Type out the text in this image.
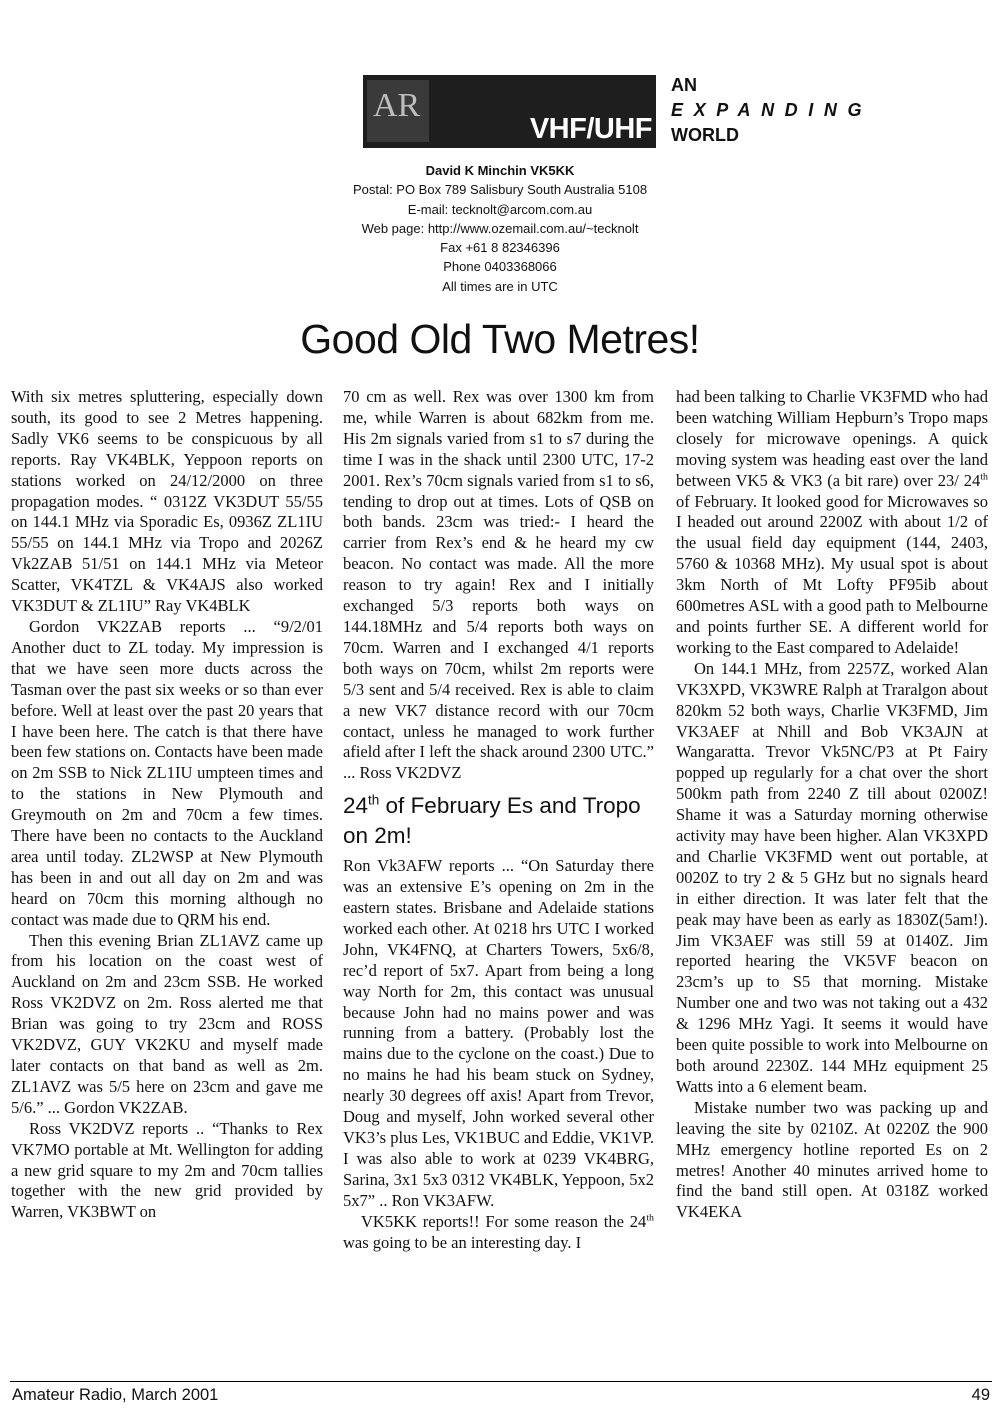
AR
VHF/UHF
AN
EXPANDING
WORLD
David K Minchin VK5KK
Postal: PO Box 789 Salisbury South Australia 5108
E-mail: tecknolt@arcom.com.au
Web page: http://www.ozemail.com.au/~tecknolt
Fax +61 8 82346396
Phone 0403368066
All times are in UTC
Good Old Two Metres!

With six metres spluttering, especially down south, its good to see 2 Metres happening. Sadly VK6 seems to be conspicuous by all reports. Ray VK4BLK, Yeppoon reports on stations worked on 24/12/2000 on three propagation modes. “ 0312Z VK3DUT 55/55 on 144.1 MHz via Sporadic Es, 0936Z ZL1IU 55/55 on 144.1 MHz via Tropo and 2026Z Vk2ZAB 51/51 on 144.1 MHz via Meteor Scatter, VK4TZL & VK4AJS also worked VK3DUT & ZL1IU” Ray VK4BLK

Gordon VK2ZAB reports ... “9/2/01 Another duct to ZL today. My impression is that we have seen more ducts across the Tasman over the past six weeks or so than ever before. Well at least over the past 20 years that I have been here. The catch is that there have been few stations on. Contacts have been made on 2m SSB to Nick ZL1IU umpteen times and to the stations in New Plymouth and Greymouth on 2m and 70cm a few times. There have been no contacts to the Auckland area until today. ZL2WSP at New Plymouth has been in and out all day on 2m and was heard on 70cm this morning although no contact was made due to QRM his end.

Then this evening Brian ZL1AVZ came up from his location on the coast west of Auckland on 2m and 23cm SSB. He worked Ross VK2DVZ on 2m. Ross alerted me that Brian was going to try 23cm and ROSS VK2DVZ, GUY VK2KU and myself made later contacts on that band as well as 2m. ZL1AVZ was 5/5 here on 23cm and gave me 5/6.” ... Gordon VK2ZAB.

Ross VK2DVZ reports .. “Thanks to Rex VK7MO portable at Mt. Wellington for adding a new grid square to my 2m and 70cm tallies together with the new grid provided by Warren, VK3BWT on

70 cm as well. Rex was over 1300 km from me, while Warren is about 682km from me. His 2m signals varied from s1 to s7 during the time I was in the shack until 2300 UTC, 17-2 2001. Rex’s 70cm signals varied from s1 to s6, tending to drop out at times. Lots of QSB on both bands. 23cm was tried:- I heard the carrier from Rex’s end & he heard my cw beacon. No contact was made. All the more reason to try again! Rex and I initially exchanged 5/3 reports both ways on 144.18MHz and 5/4 reports both ways on 70cm. Warren and I exchanged 4/1 reports both ways on 70cm, whilst 2m reports were 5/3 sent and 5/4 received. Rex is able to claim a new VK7 distance record with our 70cm contact, unless he managed to work further afield after I left the shack around 2300 UTC.” ... Ross VK2DVZ

24th of February Es and Tropo on 2m!

Ron Vk3AFW reports ... “On Saturday there was an extensive E’s opening on 2m in the eastern states. Brisbane and Adelaide stations worked each other. At 0218 hrs UTC I worked John, VK4FNQ, at Charters Towers, 5x6/8, rec’d report of 5x7. Apart from being a long way North for 2m, this contact was unusual because John had no mains power and was running from a battery. (Probably lost the mains due to the cyclone on the coast.) Due to no mains he had his beam stuck on Sydney, nearly 30 degrees off axis! Apart from Trevor, Doug and myself, John worked several other VK3’s plus Les, VK1BUC and Eddie, VK1VP. I was also able to work at 0239 VK4BRG, Sarina, 3x1 5x3 0312 VK4BLK, Yeppoon, 5x2 5x7” .. Ron VK3AFW.

VK5KK reports!! For some reason the 24th was going to be an interesting day. I

had been talking to Charlie VK3FMD who had been watching William Hepburn’s Tropo maps closely for microwave openings. A quick moving system was heading east over the land between VK5 & VK3 (a bit rare) over 23/ 24th of February. It looked good for Microwaves so I headed out around 2200Z with about 1/2 of the usual field day equipment (144, 2403, 5760 & 10368 MHz). My usual spot is about 3km North of Mt Lofty PF95ib about 600metres ASL with a good path to Melbourne and points further SE. A different world for working to the East compared to Adelaide!

On 144.1 MHz, from 2257Z, worked Alan VK3XPD, VK3WRE Ralph at Traralgon about 820km 52 both ways, Charlie VK3FMD, Jim VK3AEF at Nhill and Bob VK3AJN at Wangaratta. Trevor Vk5NC/P3 at Pt Fairy popped up regularly for a chat over the short 500km path from 2240 Z till about 0200Z! Shame it was a Saturday morning otherwise activity may have been higher. Alan VK3XPD and Charlie VK3FMD went out portable, at 0020Z to try 2 & 5 GHz but no signals heard in either direction. It was later felt that the peak may have been as early as 1830Z(5am!). Jim VK3AEF was still 59 at 0140Z. Jim reported hearing the VK5VF beacon on 23cm’s up to S5 that morning. Mistake Number one and two was not taking out a 432 & 1296 MHz Yagi. It seems it would have been quite possible to work into Melbourne on both around 2230Z. 144 MHz equipment 25 Watts into a 6 element beam.

Mistake number two was packing up and leaving the site by 0210Z. At 0220Z the 900 MHz emergency hotline reported Es on 2 metres! Another 40 minutes arrived home to find the band still open. At 0318Z worked VK4EKA

Amateur Radio, March 2001	49
